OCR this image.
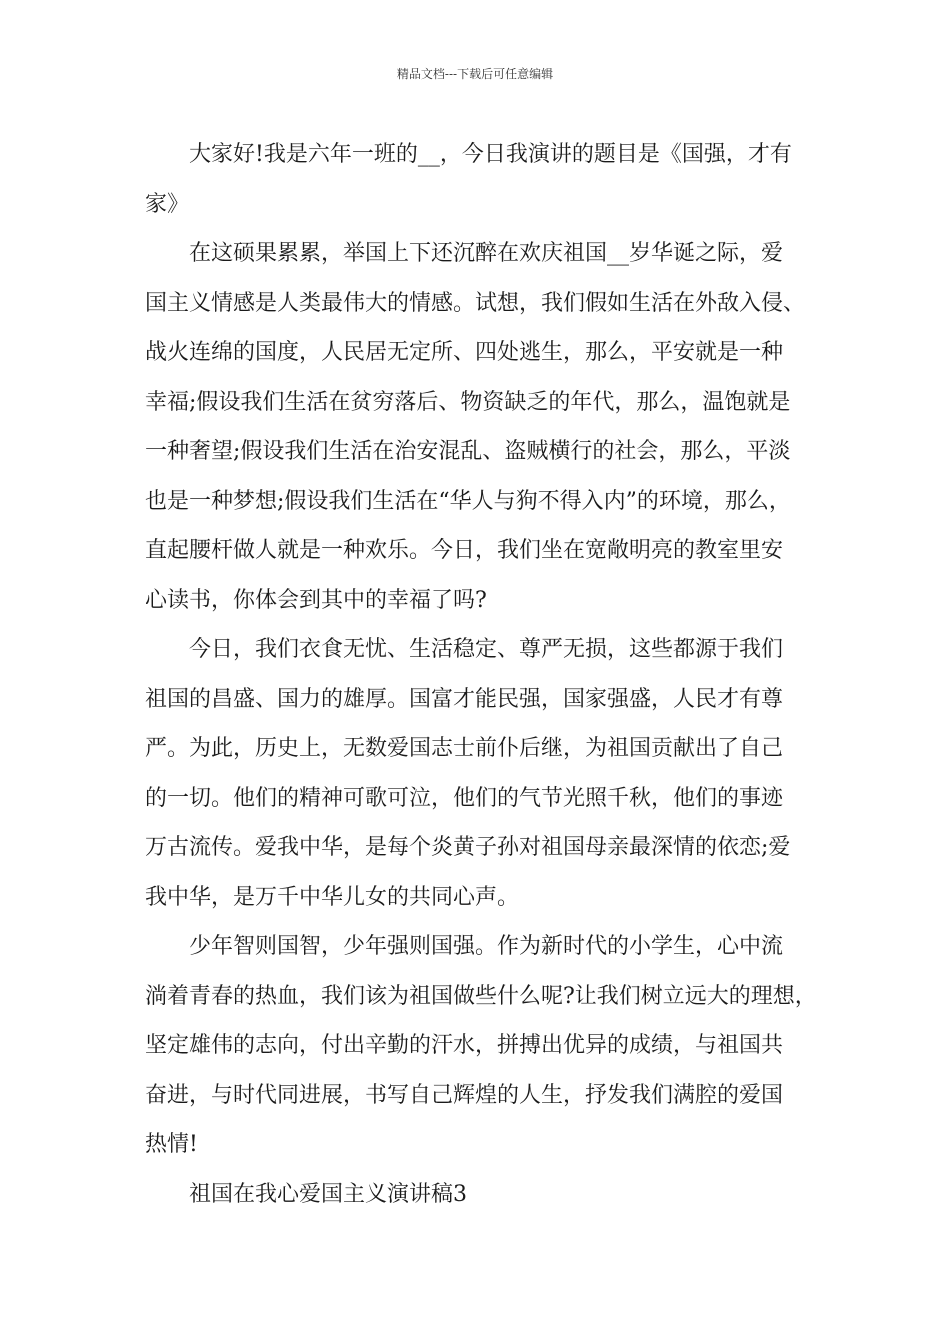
精品文档---下载后可任意编辑

大家好!我是六年一班的__，今日我演讲的题目是《国强，才有
家》

在这硕果累累，举国上下还沉醉在欢庆祖国__岁华诞之际，爱
国主义情感是人类最伟大的情感。试想，我们假如生活在外敌入侵、
战火连绵的国度，人民居无定所、四处逃生，那么，平安就是一种
幸福;假设我们生活在贫穷落后、物资缺乏的年代，那么，温饱就是
一种奢望;假设我们生活在治安混乱、盗贼横行的社会，那么，平淡
也是一种梦想;假设我们生活在“华人与狗不得入内”的环境，那么，
直起腰杆做人就是一种欢乐。今日，我们坐在宽敞明亮的教室里安
心读书，你体会到其中的幸福了吗?

今日，我们衣食无忧、生活稳定、尊严无损，这些都源于我们
祖国的昌盛、国力的雄厚。国富才能民强，国家强盛，人民才有尊
严。为此，历史上，无数爱国志士前仆后继，为祖国贡献出了自己
的一切。他们的精神可歌可泣，他们的气节光照千秋，他们的事迹
万古流传。爱我中华，是每个炎黄子孙对祖国母亲最深情的依恋;爱
我中华，是万千中华儿女的共同心声。

少年智则国智，少年强则国强。作为新时代的小学生，心中流
淌着青春的热血，我们该为祖国做些什么呢?让我们树立远大的理想，
坚定雄伟的志向，付出辛勤的汗水，拼搏出优异的成绩，与祖国共
奋进，与时代同进展，书写自己辉煌的人生，抒发我们满腔的爱国
热情!

祖国在我心爱国主义演讲稿3
